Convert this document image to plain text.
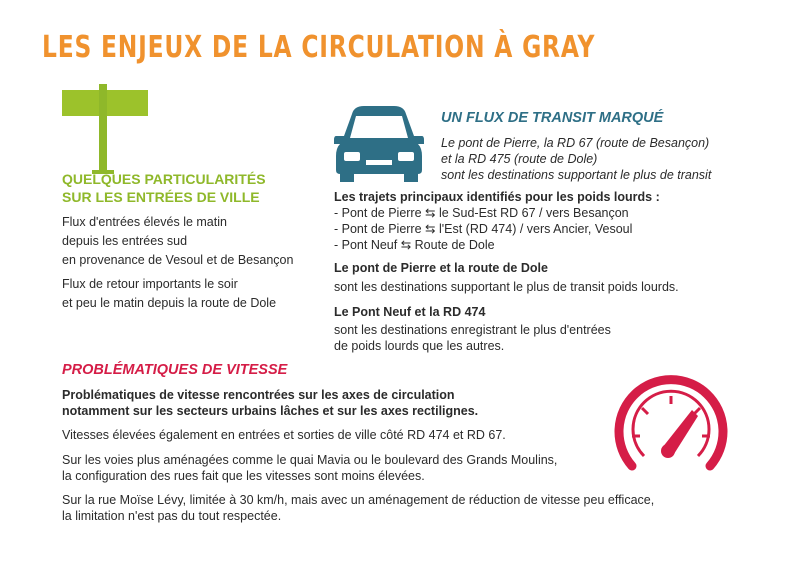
LES ENJEUX DE LA CIRCULATION À GRAY
QUELQUES PARTICULARITÉS
SUR LES ENTRÉES DE VILLE
Flux d'entrées élevés le matin
depuis les entrées sud
en provenance de Vesoul et de Besançon
Flux de retour importants le soir
et peu le matin depuis la route de Dole
UN FLUX DE TRANSIT MARQUÉ
Le pont de Pierre, la RD 67 (route de Besançon)
et la RD 475 (route de Dole)
sont les destinations supportant le plus de transit
Les trajets principaux identifiés pour les poids lourds :
- Pont de Pierre ⇆ le Sud-Est RD 67 / vers Besançon
- Pont de Pierre ⇆ l'Est (RD 474) / vers Ancier, Vesoul
- Pont Neuf ⇆ Route de Dole
Le pont de Pierre et la route de Dole
sont les destinations supportant le plus de transit poids lourds.
Le Pont Neuf et la RD 474
sont les destinations enregistrant le plus d'entrées
de poids lourds que les autres.
PROBLÉMATIQUES DE VITESSE
Problématiques de vitesse rencontrées sur les axes de circulation
notamment sur les secteurs urbains lâches et sur les axes rectilignes.
Vitesses élevées également en entrées et sorties de ville côté RD 474 et RD 67.
Sur les voies plus aménagées comme le quai Mavia ou le boulevard des Grands Moulins,
la configuration des rues fait que les vitesses sont moins élevées.
Sur la rue Moïse Lévy, limitée à 30 km/h, mais avec un aménagement de réduction de vitesse peu efficace,
la limitation n'est pas du tout respectée.
